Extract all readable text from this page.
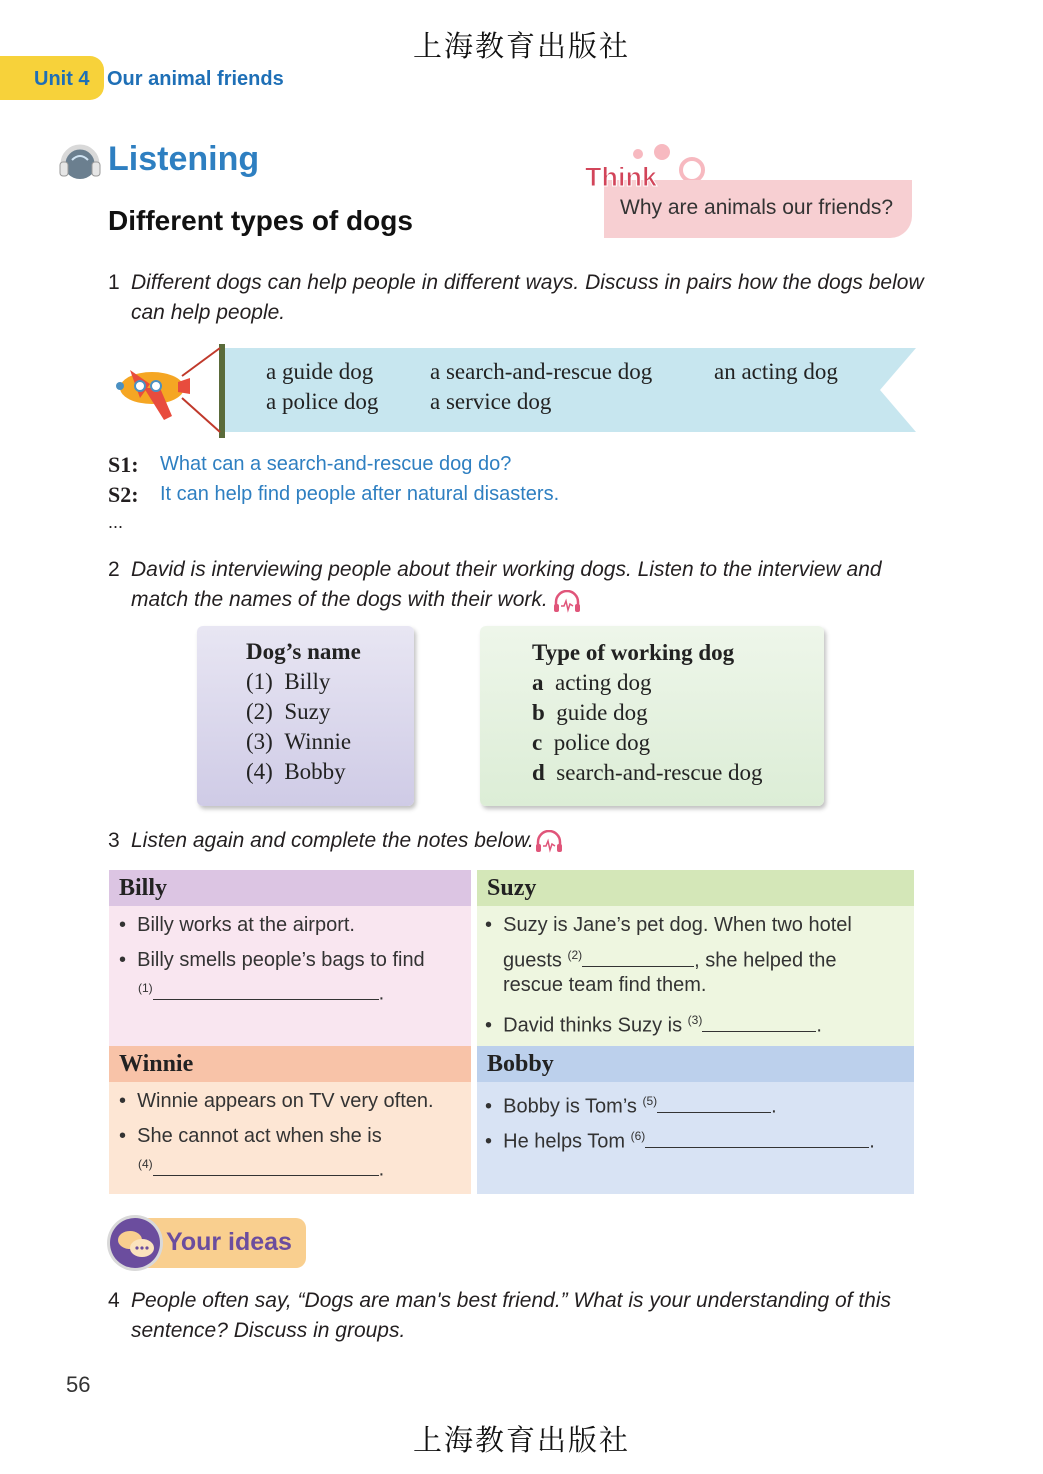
上海教育出版社
Unit 4 Our animal friends
Listening
Different types of dogs
Think
Why are animals our friends?
1 Different dogs can help people in different ways. Discuss in pairs how the dogs below
can help people.
a guide dog a search-and-rescue dog	an acting dog
a police dog a service dog
S1: What can a search-and-rescue dog do?
S2: It can help find people after natural disasters.
...
2 David is interviewing people about their working dogs. Listen to the interview and
match the names of the dogs with their work.
Dog’s name
(1) Billy
(2) Suzy
(3) Winnie
(4) Bobby
Type of working dog
a acting dog
b guide dog
c police dog
d search-and-rescue dog
3 Listen again and complete the notes below.
Billy
•  Billy works at the airport.
•  Billy smells people’s bags to find
$^{(1)}$	.
Suzy
•  Suzy is Jane’s pet dog. When two hotel
guests $^{(2)}$	, she helped the
rescue team find them.
•  David thinks Suzy is $^{(3)}$	.
Winnie
•  Winnie appears on TV very often.
•  She cannot act when she is
$^{(4)}$	.
Bobby
•  Bobby is Tom’s $^{(5)}$	.
•  He helps Tom $^{(6)}$	.
Your ideas
4 People often say, “Dogs are man's best friend.” What is your understanding of this
sentence? Discuss in groups.
56
上海教育出版社
